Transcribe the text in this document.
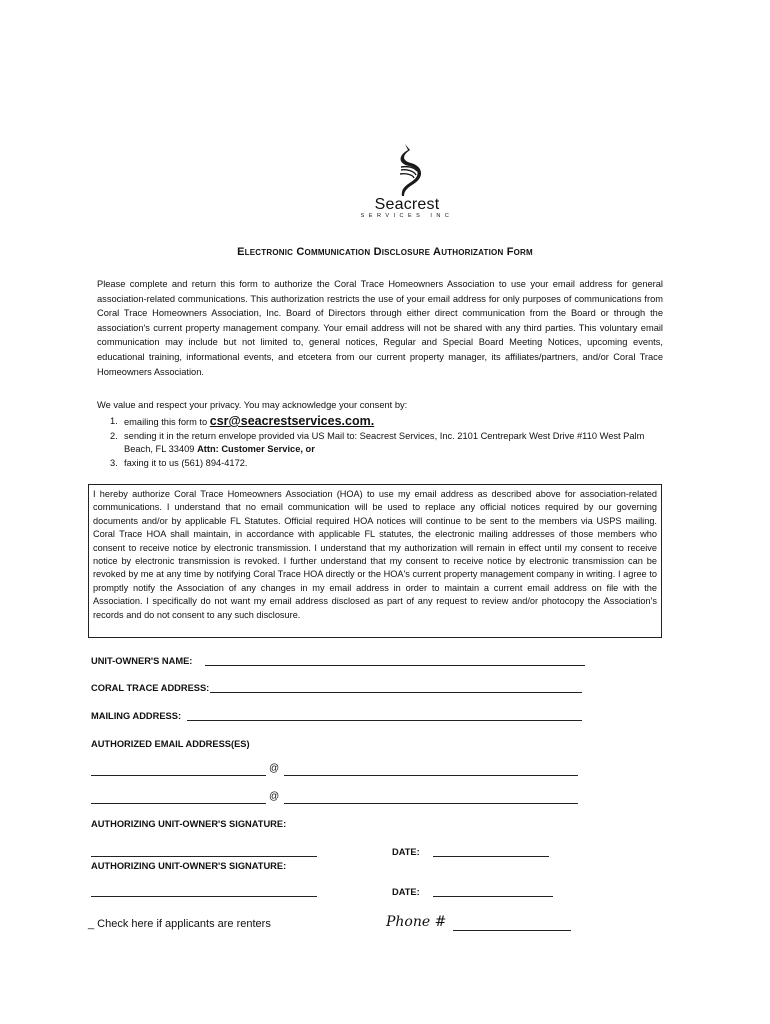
Seacrest
SERVICES INC
Electronic Communication Disclosure Authorization Form
Please complete and return this form to authorize the Coral Trace Homeowners Association to use your email address for general association-related communications. This authorization restricts the use of your email address for only purposes of communications from Coral Trace Homeowners Association, Inc. Board of Directors through either direct communication from the Board or through the association's current property management company. Your email address will not be shared with any third parties. This voluntary email communication may include but not limited to, general notices, Regular and Special Board Meeting Notices, upcoming events, educational training, informational events, and etcetera from our current property manager, its affiliates/partners, and/or Coral Trace Homeowners Association.
We value and respect your privacy. You may acknowledge your consent by:
1. emailing this form to csr@seacrestservices.com.
2. sending it in the return envelope provided via US Mail to: Seacrest Services, Inc. 2101 Centrepark West Drive #110 West Palm Beach, FL 33409 Attn: Customer Service, or
3. faxing it to us (561) 894-4172.
I hereby authorize Coral Trace Homeowners Association (HOA) to use my email address as described above for association-related communications. I understand that no email communication will be used to replace any official notices required by our governing documents and/or by applicable FL Statutes. Official required HOA notices will continue to be sent to the members via USPS mailing. Coral Trace HOA shall maintain, in accordance with applicable FL statutes, the electronic mailing addresses of those members who consent to receive notice by electronic transmission. I understand that my authorization will remain in effect until my consent to receive notice by electronic transmission is revoked. I further understand that my consent to receive notice by electronic transmission can be revoked by me at any time by notifying Coral Trace HOA directly or the HOA's current property management company in writing. I agree to promptly notify the Association of any changes in my email address in order to maintain a current email address on file with the Association. I specifically do not want my email address disclosed as part of any request to review and/or photocopy the Association's records and do not consent to any such disclosure.
UNIT-OWNER'S NAME:
CORAL TRACE ADDRESS:
MAILING ADDRESS:
AUTHORIZED EMAIL ADDRESS(ES)
@
@
AUTHORIZING UNIT-OWNER'S SIGNATURE:
DATE:
AUTHORIZING UNIT-OWNER'S SIGNATURE:
DATE:
_ Check here if applicants are renters	Phone #
